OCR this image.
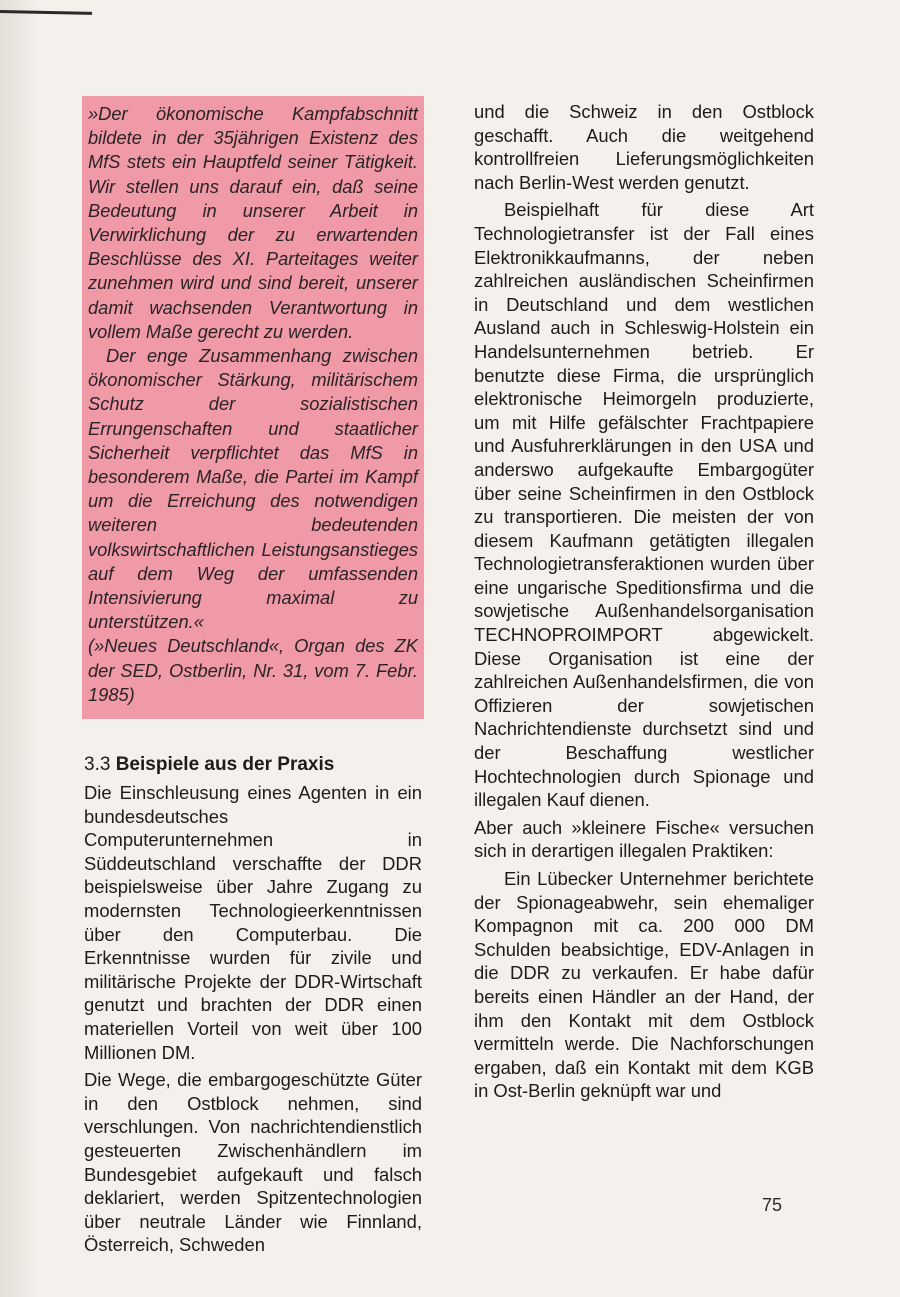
»Der ökonomische Kampfabschnitt bildete in der 35jährigen Existenz des MfS stets ein Hauptfeld seiner Tätigkeit. Wir stellen uns darauf ein, daß seine Bedeutung in unserer Arbeit in Verwirklichung der zu erwartenden Beschlüsse des XI. Parteitages weiter zunehmen wird und sind bereit, unserer damit wachsenden Verantwortung in vollem Maße gerecht zu werden.

Der enge Zusammenhang zwischen ökonomischer Stärkung, militärischem Schutz der sozialistischen Errungenschaften und staatlicher Sicherheit verpflichtet das MfS in besonderem Maße, die Partei im Kampf um die Erreichung des notwendigen weiteren bedeutenden volkswirtschaftlichen Leistungsanstieges auf dem Weg der umfassenden Intensivierung maximal zu unterstützen.«

(»Neues Deutschland«, Organ des ZK der SED, Ostberlin, Nr. 31, vom 7. Febr. 1985)

3.3 Beispiele aus der Praxis

Die Einschleusung eines Agenten in ein bundesdeutsches Computerunternehmen in Süddeutschland verschaffte der DDR beispielsweise über Jahre Zugang zu modernsten Technologieerkenntnissen über den Computerbau. Die Erkenntnisse wurden für zivile und militärische Projekte der DDR-Wirtschaft genutzt und brachten der DDR einen materiellen Vorteil von weit über 100 Millionen DM.

Die Wege, die embargogeschützte Güter in den Ostblock nehmen, sind verschlungen. Von nachrichtendienstlich gesteuerten Zwischenhändlern im Bundesgebiet aufgekauft und falsch deklariert, werden Spitzentechnologien über neutrale Länder wie Finnland, Österreich, Schweden

und die Schweiz in den Ostblock geschafft. Auch die weitgehend kontrollfreien Lieferungsmöglichkeiten nach Berlin-West werden genutzt.

Beispielhaft für diese Art Technologietransfer ist der Fall eines Elektronikkaufmanns, der neben zahlreichen ausländischen Scheinfirmen in Deutschland und dem westlichen Ausland auch in Schleswig-Holstein ein Handelsunternehmen betrieb. Er benutzte diese Firma, die ursprünglich elektronische Heimorgeln produzierte, um mit Hilfe gefälschter Frachtpapiere und Ausfuhrerklärungen in den USA und anderswo aufgekaufte Embargogüter über seine Scheinfirmen in den Ostblock zu transportieren. Die meisten der von diesem Kaufmann getätigten illegalen Technologietransferaktionen wurden über eine ungarische Speditionsfirma und die sowjetische Außenhandelsorganisation TECHNOPROIMPORT abgewickelt. Diese Organisation ist eine der zahlreichen Außenhandelsfirmen, die von Offizieren der sowjetischen Nachrichtendienste durchsetzt sind und der Beschaffung westlicher Hochtechnologien durch Spionage und illegalen Kauf dienen.

Aber auch »kleinere Fische« versuchen sich in derartigen illegalen Praktiken:

Ein Lübecker Unternehmer berichtete der Spionageabwehr, sein ehemaliger Kompagnon mit ca. 200 000 DM Schulden beabsichtige, EDV-Anlagen in die DDR zu verkaufen. Er habe dafür bereits einen Händler an der Hand, der ihm den Kontakt mit dem Ostblock vermitteln werde. Die Nachforschungen ergaben, daß ein Kontakt mit dem KGB in Ost-Berlin geknüpft war und

75
